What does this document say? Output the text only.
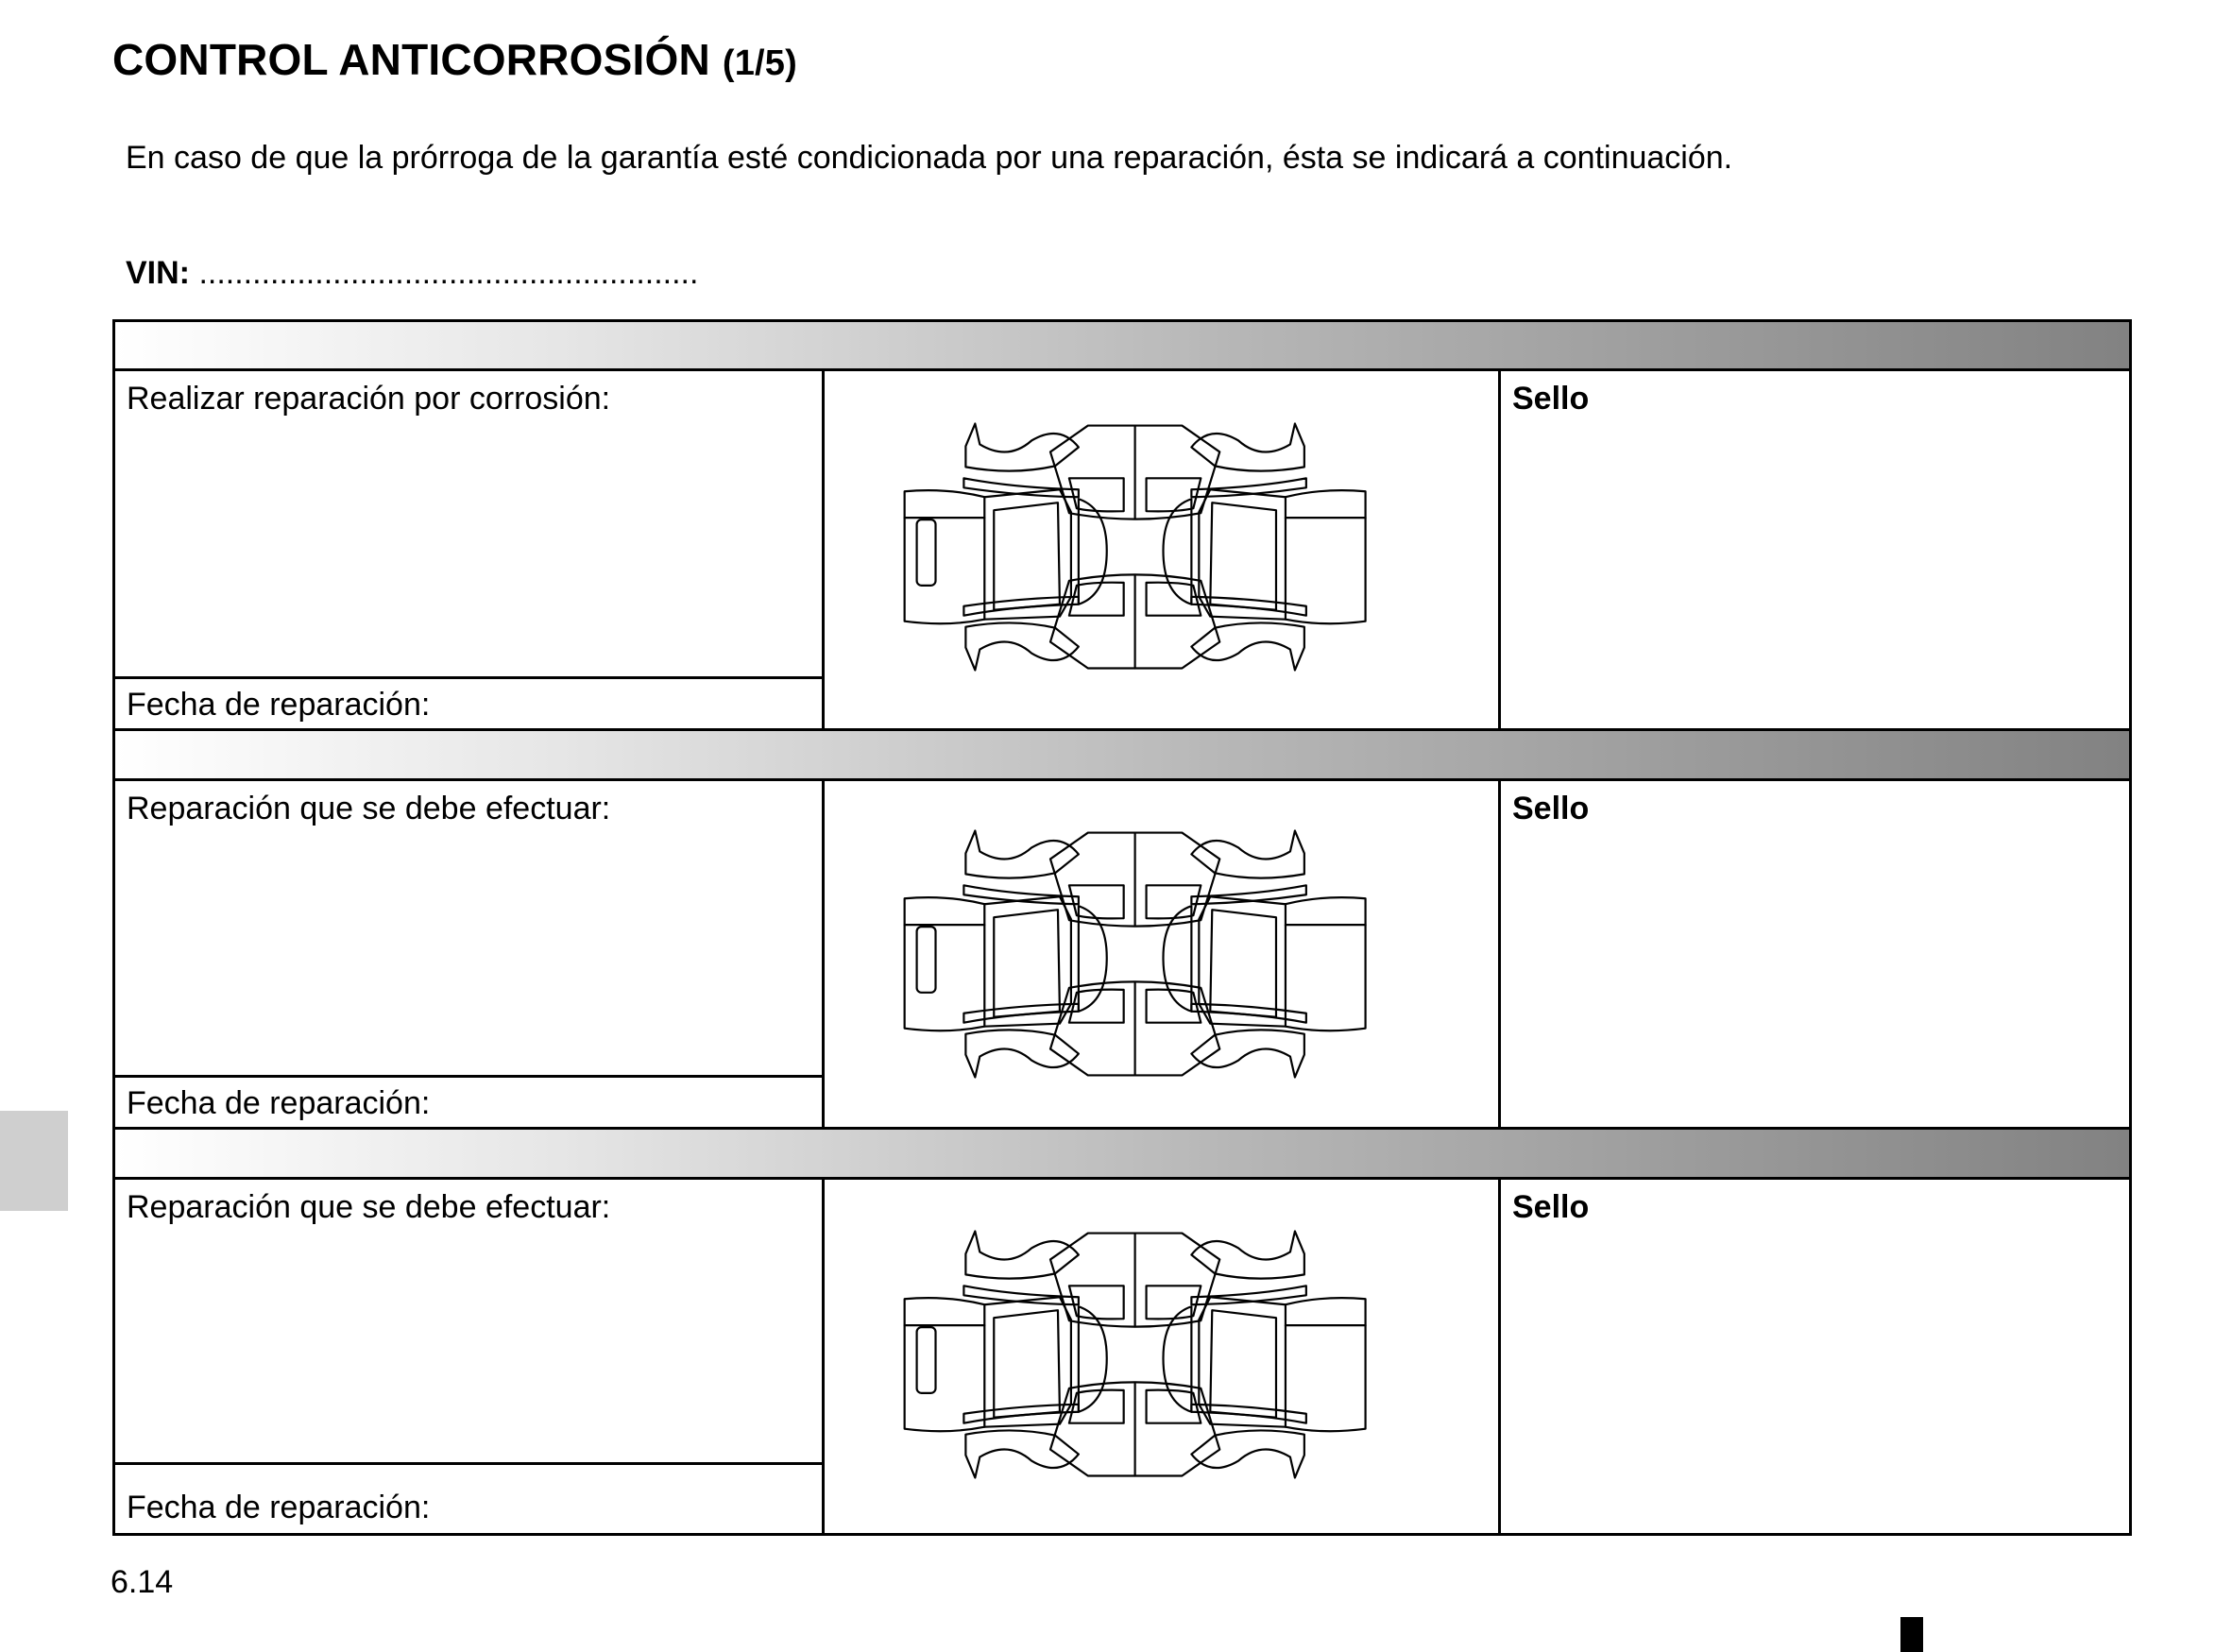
CONTROL ANTICORROSIÓN (1/5)
En caso de que la prórroga de la garantía esté condicionada por una reparación, ésta se indicará a continuación.
VIN: ........................................................
Realizar reparación por corrosión:
Fecha de reparación:
Sello
Reparación que se debe efectuar:
Fecha de reparación:
Sello
Reparación que se debe efectuar:
Fecha de reparación:
Sello
6.14
